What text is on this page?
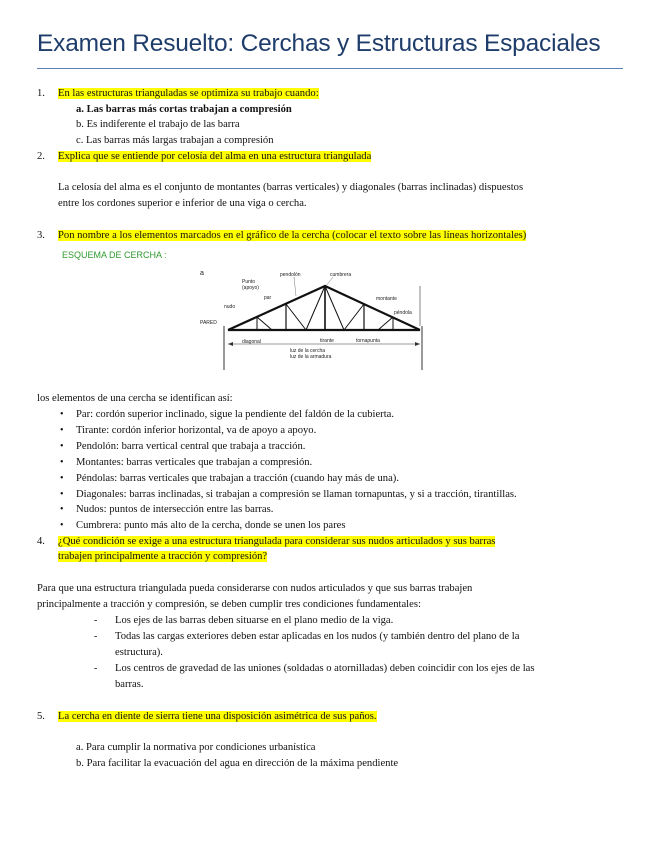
Examen Resuelto: Cerchas y Estructuras Espaciales
1. En las estructuras trianguladas se optimiza su trabajo cuando:
a. Las barras más cortas trabajan a compresión
b. Es indiferente el trabajo de las barra
c. Las barras más largas trabajan a compresión
2. Explica que se entiende por celosía del alma en una estructura triangulada
La celosía del alma es el conjunto de montantes (barras verticales) y diagonales (barras inclinadas) dispuestos
entre los cordones superior e inferior de una viga o cercha.
3. Pon nombre a los elementos marcados en el gráfico de la cercha (colocar el texto sobre las líneas horizontales)
ESQUEMA DE CERCHA :
a
PARED
pendolón	cumbrera
Punto
(apoyo)
par
nudo
montante
péndola
diagonal	tirante	tornapunta
luz de la cercha
luz de la armadura
los elementos de una cercha se identifican así:
• Par: cordón superior inclinado, sigue la pendiente del faldón de la cubierta.
• Tirante: cordón inferior horizontal, va de apoyo a apoyo.
• Pendolón: barra vertical central que trabaja a tracción.
• Montantes: barras verticales que trabajan a compresión.
• Péndolas: barras verticales que trabajan a tracción (cuando hay más de una).
• Diagonales: barras inclinadas, si trabajan a compresión se llaman tornapuntas, y si a tracción, tirantillas.
• Nudos: puntos de intersección entre las barras.
• Cumbrera: punto más alto de la cercha, donde se unen los pares
4. ¿Qué condición se exige a una estructura triangulada para considerar sus nudos articulados y sus barras
trabajen principalmente a tracción y compresión?
Para que una estructura triangulada pueda considerarse con nudos articulados y que sus barras trabajen
principalmente a tracción y compresión, se deben cumplir tres condiciones fundamentales:
- Los ejes de las barras deben situarse en el plano medio de la viga.
- Todas las cargas exteriores deben estar aplicadas en los nudos (y también dentro del plano de la
estructura).
- Los centros de gravedad de las uniones (soldadas o atornilladas) deben coincidir con los ejes de las
barras.
5. La cercha en diente de sierra tiene una disposición asimétrica de sus paños.
a. Para cumplir la normativa por condiciones urbanística
b. Para facilitar la evacuación del agua en dirección de la máxima pendiente
